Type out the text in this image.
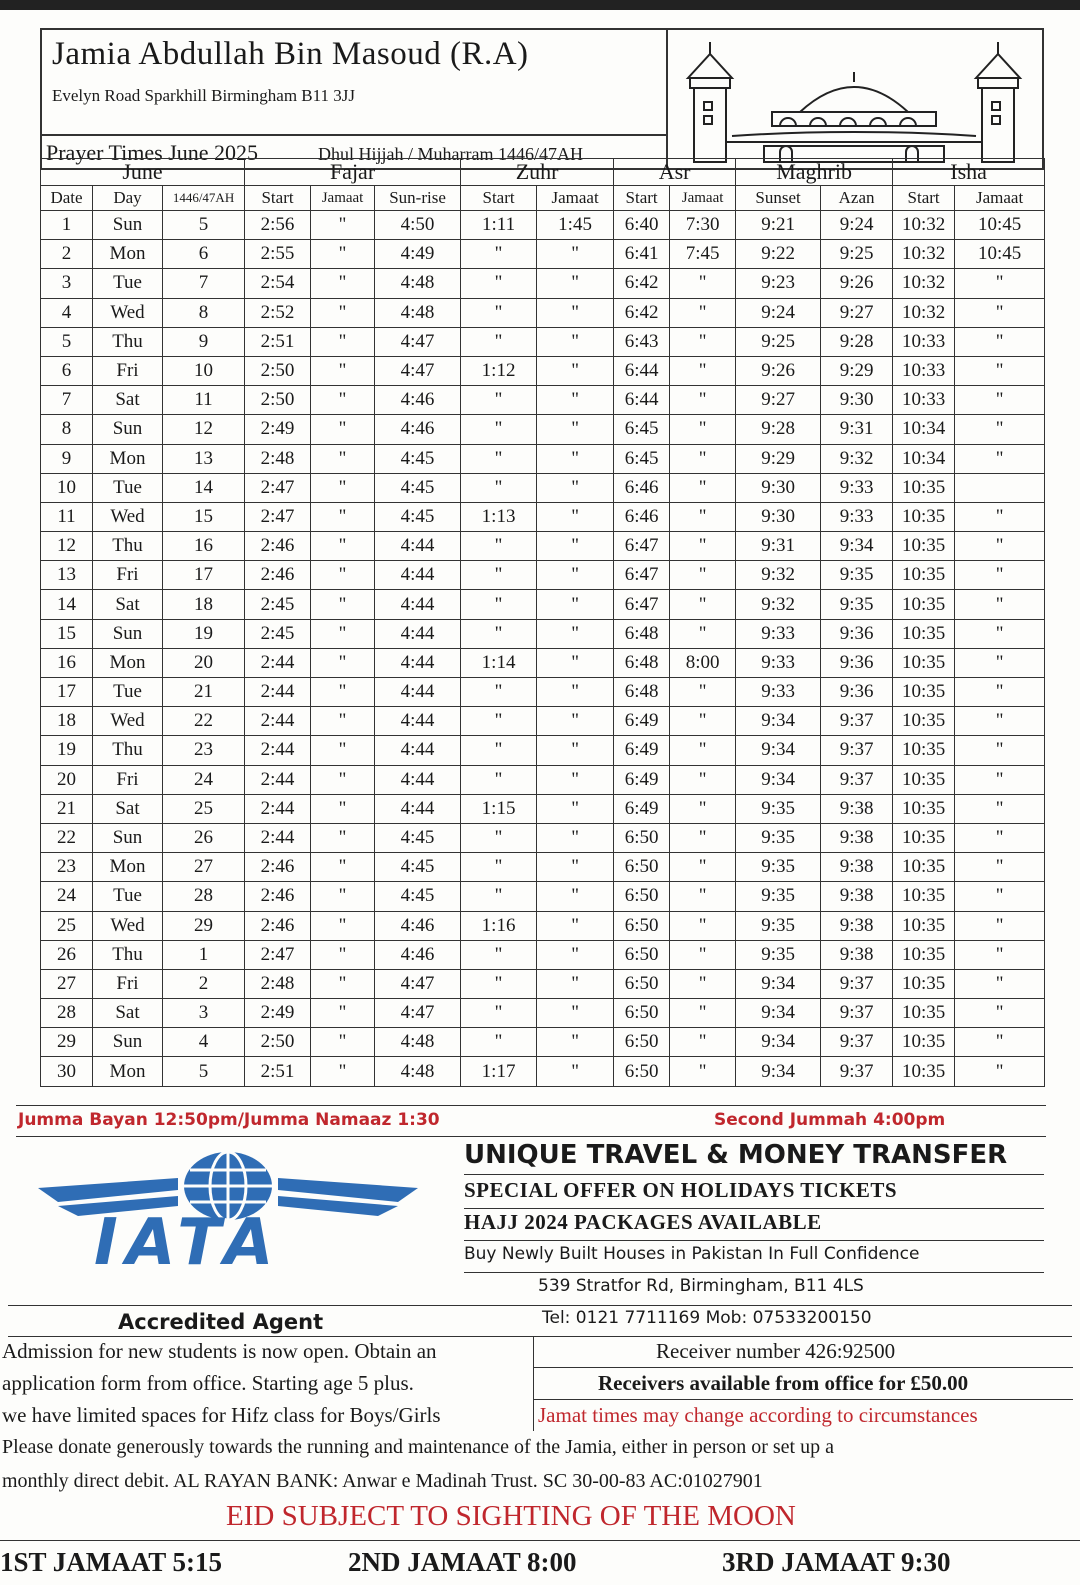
Jamia Abdullah Bin Masoud (R.A)
Evelyn Road Sparkhill Birmingham B11 3JJ
Prayer Times June 2025	Dhul Hijjah / Muharram 1446/47AH
June			Fajar			Zuhr		Asr		Maghrib		Isha	
Date	Day	1446/47AH	Start	Jamaat	Sun-rise	Start	Jamaat	Start	Jamaat	Sunset	Azan	Start	Jamaat
1	Sun	5	2:56	"	4:50	1:11	1:45	6:40	7:30	9:21	9:24	10:32	10:45
2	Mon	6	2:55	"	4:49	"	"	6:41	7:45	9:22	9:25	10:32	10:45
3	Tue	7	2:54	"	4:48	"	"	6:42	"	9:23	9:26	10:32	"
4	Wed	8	2:52	"	4:48	"	"	6:42	"	9:24	9:27	10:32	"
5	Thu	9	2:51	"	4:47	"	"	6:43	"	9:25	9:28	10:33	"
6	Fri	10	2:50	"	4:47	1:12	"	6:44	"	9:26	9:29	10:33	"
7	Sat	11	2:50	"	4:46	"	"	6:44	"	9:27	9:30	10:33	"
8	Sun	12	2:49	"	4:46	"	"	6:45	"	9:28	9:31	10:34	"
9	Mon	13	2:48	"	4:45	"	"	6:45	"	9:29	9:32	10:34	"
10	Tue	14	2:47	"	4:45	"	"	6:46	"	9:30	9:33	10:35	
11	Wed	15	2:47	"	4:45	1:13	"	6:46	"	9:30	9:33	10:35	"
12	Thu	16	2:46	"	4:44	"	"	6:47	"	9:31	9:34	10:35	"
13	Fri	17	2:46	"	4:44	"	"	6:47	"	9:32	9:35	10:35	"
14	Sat	18	2:45	"	4:44	"	"	6:47	"	9:32	9:35	10:35	"
15	Sun	19	2:45	"	4:44	"	"	6:48	"	9:33	9:36	10:35	"
16	Mon	20	2:44	"	4:44	1:14	"	6:48	8:00	9:33	9:36	10:35	"
17	Tue	21	2:44	"	4:44	"	"	6:48	"	9:33	9:36	10:35	"
18	Wed	22	2:44	"	4:44	"	"	6:49	"	9:34	9:37	10:35	"
19	Thu	23	2:44	"	4:44	"	"	6:49	"	9:34	9:37	10:35	"
20	Fri	24	2:44	"	4:44	"	"	6:49	"	9:34	9:37	10:35	"
21	Sat	25	2:44	"	4:44	1:15	"	6:49	"	9:35	9:38	10:35	"
22	Sun	26	2:44	"	4:45	"	"	6:50	"	9:35	9:38	10:35	"
23	Mon	27	2:46	"	4:45	"	"	6:50	"	9:35	9:38	10:35	"
24	Tue	28	2:46	"	4:45	"	"	6:50	"	9:35	9:38	10:35	"
25	Wed	29	2:46	"	4:46	1:16	"	6:50	"	9:35	9:38	10:35	"
26	Thu	1	2:47	"	4:46	"	"	6:50	"	9:35	9:38	10:35	"
27	Fri	2	2:48	"	4:47	"	"	6:50	"	9:34	9:37	10:35	"
28	Sat	3	2:49	"	4:47	"	"	6:50	"	9:34	9:37	10:35	"
29	Sun	4	2:50	"	4:48	"	"	6:50	"	9:34	9:37	10:35	"
30	Mon	5	2:51	"	4:48	1:17	"	6:50	"	9:34	9:37	10:35	"
Jumma Bayan 12:50pm/Jumma Namaaz 1:30	Second Jummah 4:00pm
IATA
UNIQUE TRAVEL & MONEY TRANSFER
SPECIAL OFFER ON HOLIDAYS TICKETS
HAJJ 2024 PACKAGES AVAILABLE
Buy Newly Built Houses in Pakistan In Full Confidence
539 Stratfor Rd, Birmingham, B11 4LS
Accredited Agent	Tel: 0121 7711169 Mob: 07533200150
Admission for new students is now open. Obtain an
application form from office. Starting age 5 plus.
we have limited spaces for Hifz class for Boys/Girls
Receiver number 426:92500
Receivers available from office for £50.00
Jamat times may change according to circumstances
Please donate generously towards the running and maintenance of the Jamia, either in person or set up a
monthly direct debit. AL RAYAN BANK: Anwar e Madinah Trust. SC 30-00-83 AC:01027901
EID SUBJECT TO SIGHTING OF THE MOON
1ST JAMAAT 5:15	2ND JAMAAT 8:00	3RD JAMAAT 9:30
